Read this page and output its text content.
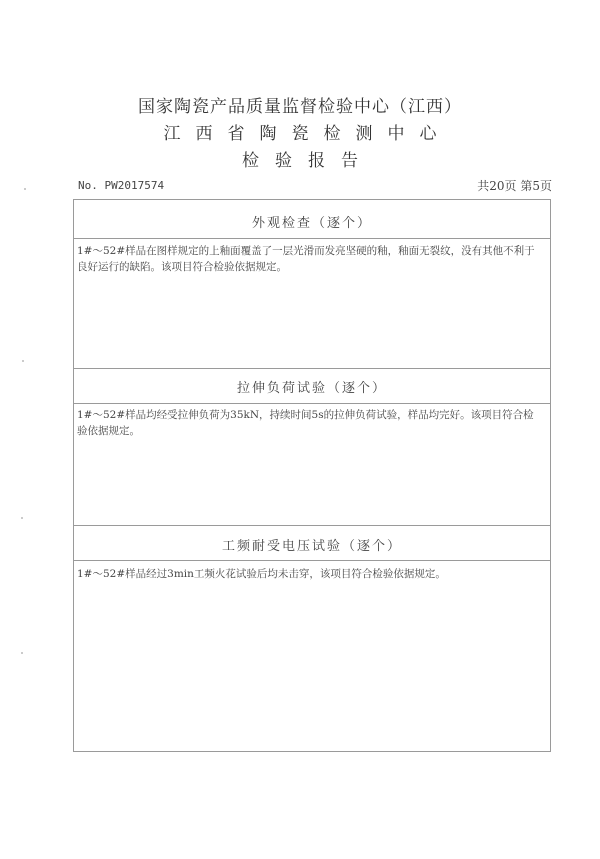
国家陶瓷产品质量监督检验中心（江西）
江西省陶瓷检测中心
检验报告
No. PW2017574	共20页 第5页
外观检查（逐个）
1#～52#样品在图样规定的上釉面覆盖了一层光滑而发亮坚硬的釉，釉面无裂纹，没有其他不利于良好运行的缺陷。该项目符合检验依据规定。
拉伸负荷试验（逐个）
1#～52#样品均经受拉伸负荷为35kN，持续时间5s的拉伸负荷试验，样品均完好。该项目符合检验依据规定。
工频耐受电压试验（逐个）
1#～52#样品经过3min工频火花试验后均未击穿，该项目符合检验依据规定。
